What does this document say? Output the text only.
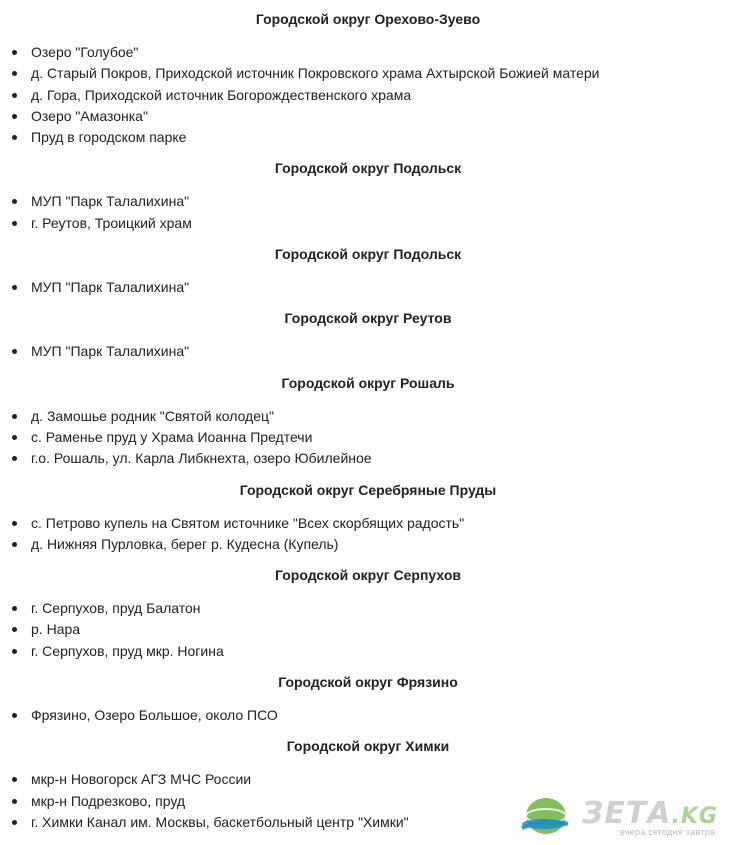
Городской округ Орехово-Зуево
Озеро "Голубое"
д. Старый Покров, Приходской источник Покровского храма Ахтырской Божией матери
д. Гора, Приходской источник Богорождественского храма
Озеро "Амазонка"
Пруд в городском парке
Городской округ Подольск
МУП "Парк Талалихина"
г. Реутов, Троицкий храм
Городской округ Подольск
МУП "Парк Талалихина"
Городской округ Реутов
МУП "Парк Талалихина"
Городской округ Рошаль
д. Замошье родник "Святой колодец"
с. Раменье пруд у Храма Иоанна Предтечи
г.о. Рошаль, ул. Карла Либкнехта, озеро Юбилейное
Городской округ Серебряные Пруды
с. Петрово купель на Святом источнике "Всех скорбящих радость"
д. Нижняя Пурловка, берег р. Кудесна (Купель)
Городской округ Серпухов
г. Серпухов, пруд Балатон
р. Нара
г. Серпухов, пруд мкр. Ногина
Городской округ Фрязино
Фрязино, Озеро Большое, около ПСО
Городской округ Химки
мкр-н Новогорск АГЗ МЧС России
мкр-н Подрезково, пруд
г. Химки Канал им. Москвы, баскетбольный центр "Химки"	ЗЕТА.KG
вчера сегодня завтра
